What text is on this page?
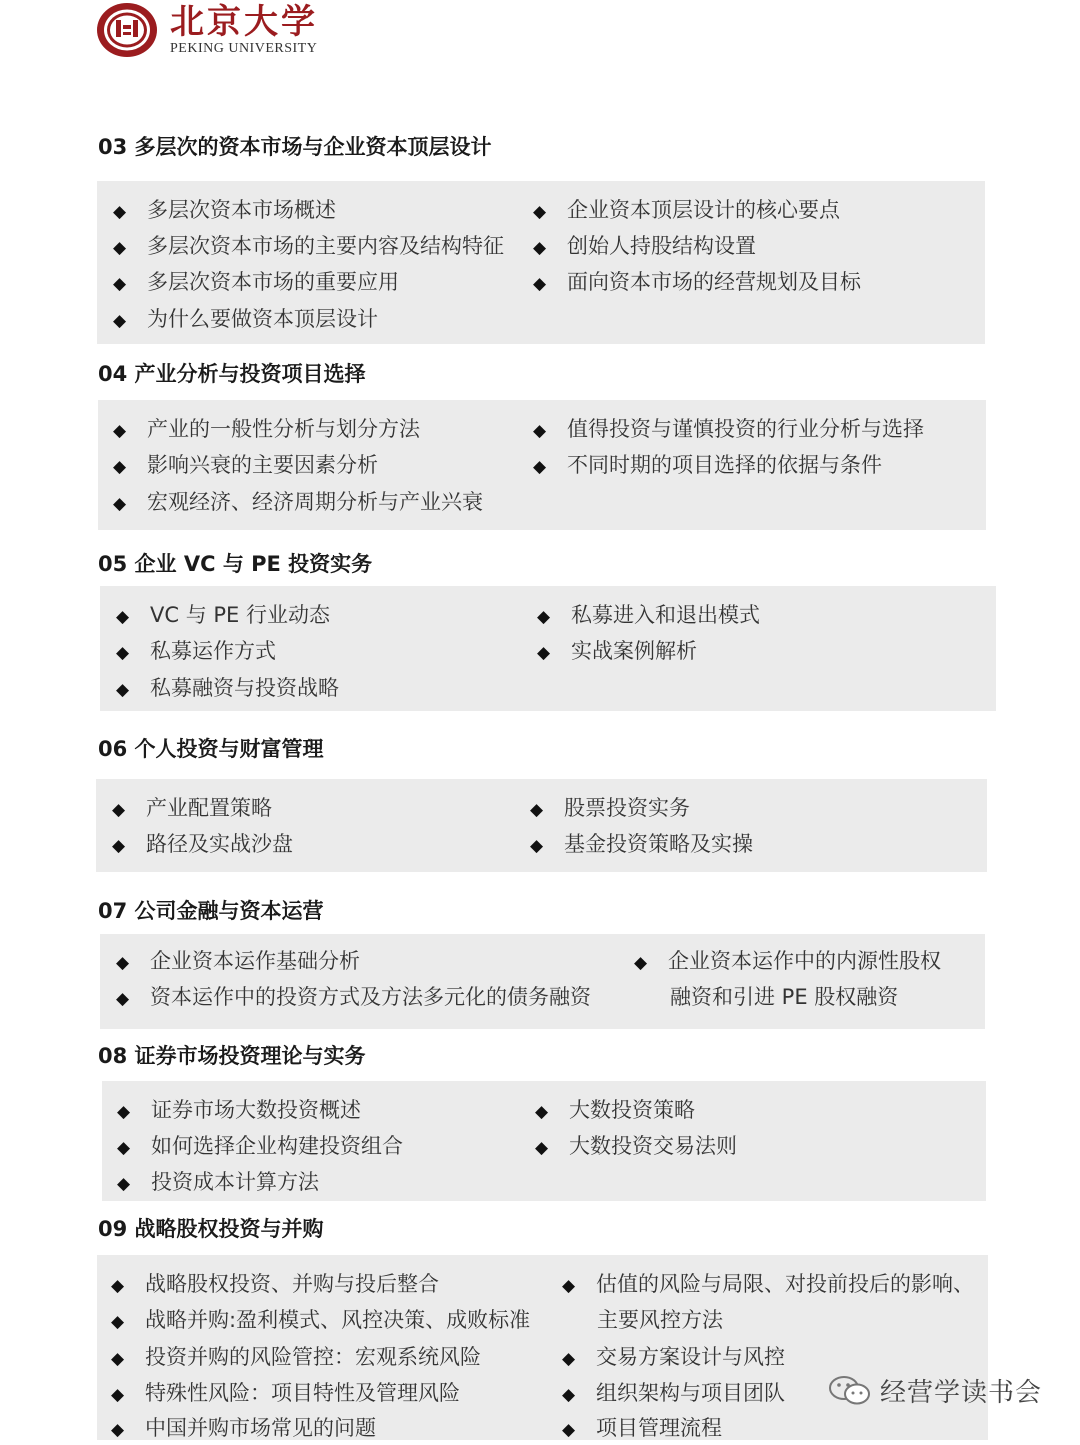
北京大学
PEKING UNIVERSITY
03 多层次的资本市场与企业资本顶层设计
◆ 多层次资本市场概述	◆ 企业资本顶层设计的核心要点
◆ 多层次资本市场的主要内容及结构特征 ◆ 创始人持股结构设置
◆ 多层次资本市场的重要应用	◆ 面向资本市场的经营规划及目标
◆ 为什么要做资本顶层设计
04 产业分析与投资项目选择
◆ 产业的一般性分析与划分方法	◆ 值得投资与谨慎投资的行业分析与选择
◆ 影响兴衰的主要因素分析	◆ 不同时期的项目选择的依据与条件
◆ 宏观经济、经济周期分析与产业兴衰
05 企业 VC 与 PE 投资实务
◆ VC 与 PE 行业动态	◆ 私募进入和退出模式
◆ 私募运作方式	◆ 实战案例解析
◆ 私募融资与投资战略
06 个人投资与财富管理
◆ 产业配置策略	◆ 股票投资实务
◆ 路径及实战沙盘	◆ 基金投资策略及实操
07 公司金融与资本运营
◆ 企业资本运作基础分析	◆ 企业资本运作中的内源性股权
◆ 资本运作中的投资方式及方法多元化的债务融资	融资和引进 PE 股权融资
08 证券市场投资理论与实务
◆ 证券市场大数投资概述	◆ 大数投资策略
◆ 如何选择企业构建投资组合	◆ 大数投资交易法则
◆ 投资成本计算方法
09 战略股权投资与并购
◆ 战略股权投资、并购与投后整合	◆ 估值的风险与局限、对投前投后的影响、
◆ 战略并购:盈利模式、风控决策、成败标准	主要风控方法
◆ 投资并购的风险管控：宏观系统风险	◆ 交易方案设计与风控
◆ 特殊性风险：项目特性及管理风险	◆ 组织架构与项目团队
◆ 中国并购市场常见的问题	◆ 项目管理流程
经营学读书会
